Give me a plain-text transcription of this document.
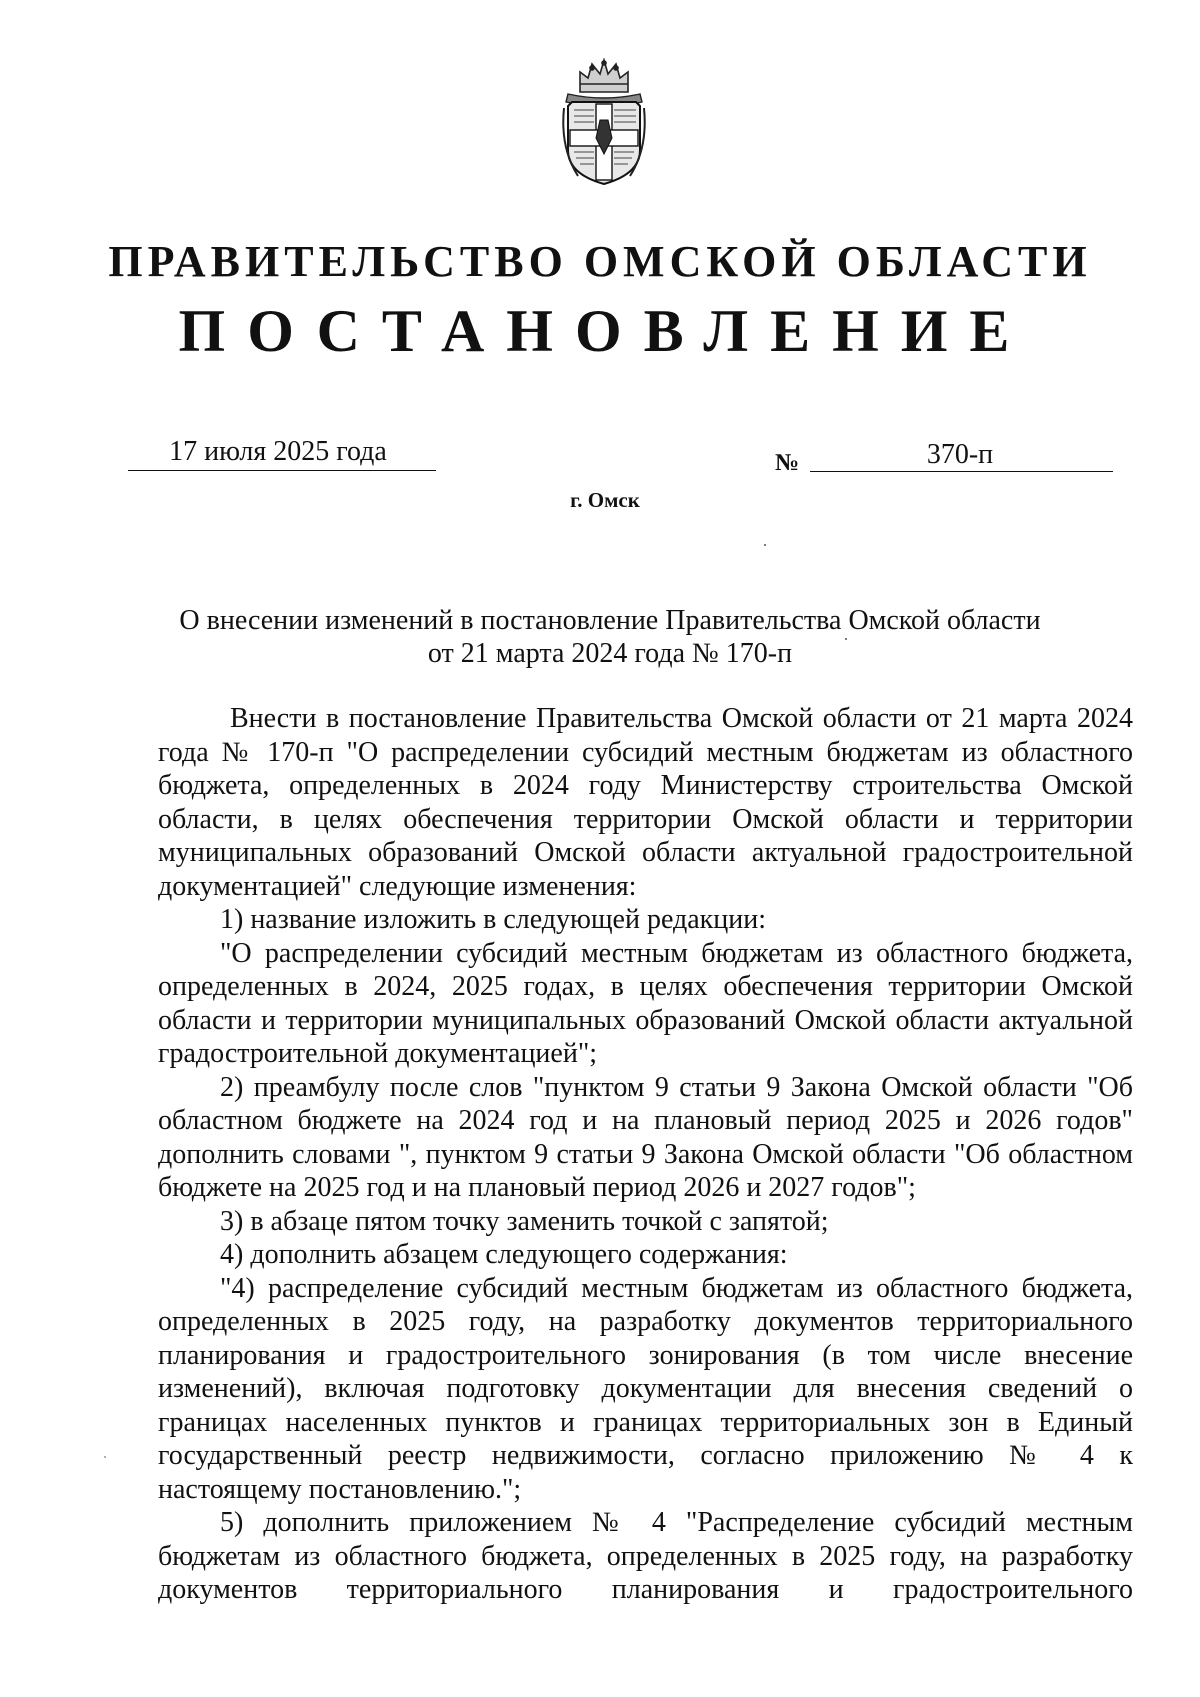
ПРАВИТЕЛЬСТВО ОМСКОЙ ОБЛАСТИ
ПОСТАНОВЛЕНИЕ
17 июля 2025 года	№	370-п
г. Омск
О внесении изменений в постановление Правительства Омской области
от 21 марта 2024 года № 170-п

Внести в постановление Правительства Омской области от 21 марта 2024 года № 170-п "О распределении субсидий местным бюджетам из областного бюджета, определенных в 2024 году Министерству строительства Омской области, в целях обеспечения территории Омской области и территории муниципальных образований Омской области актуальной градостроительной документацией" следующие изменения:

1) название изложить в следующей редакции:

"О распределении субсидий местным бюджетам из областного бюджета, определенных в 2024, 2025 годах, в целях обеспечения территории Омской области и территории муниципальных образований Омской области актуальной градостроительной документацией";

2) преамбулу после слов "пунктом 9 статьи 9 Закона Омской области "Об областном бюджете на 2024 год и на плановый период 2025 и 2026 годов" дополнить словами ", пунктом 9 статьи 9 Закона Омской области "Об областном бюджете на 2025 год и на плановый период 2026 и 2027 годов";

3) в абзаце пятом точку заменить точкой с запятой;

4) дополнить абзацем следующего содержания:

"4) распределение субсидий местным бюджетам из областного бюджета, определенных в 2025 году, на разработку документов территориального планирования и градостроительного зонирования (в том числе внесение изменений), включая подготовку документации для внесения сведений о границах населенных пунктов и границах территориальных зон в Единый государственный реестр недвижимости, согласно приложению № 4 к настоящему постановлению.";

5) дополнить приложением № 4 "Распределение субсидий местным бюджетам из областного бюджета, определенных в 2025 году, на разработку документов территориального планирования и градостроительного
